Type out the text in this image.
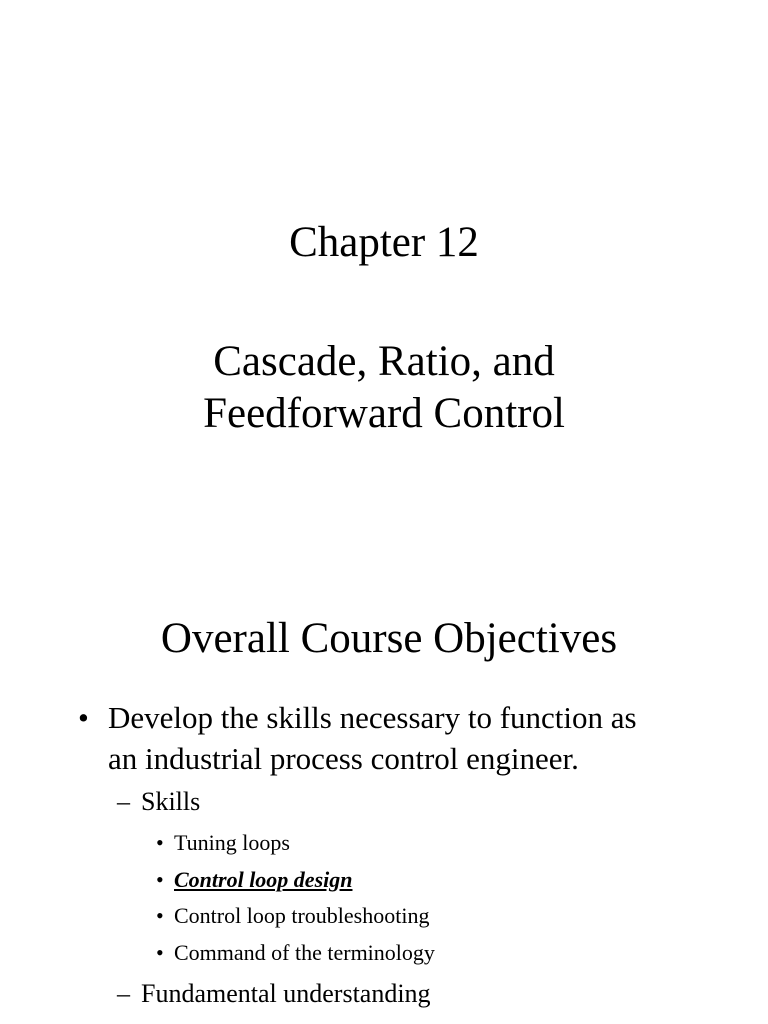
Chapter 12
Cascade, Ratio, and
Feedforward Control
Overall Course Objectives
• Develop the skills necessary to function as
an industrial process control engineer.
– Skills
• Tuning loops
• Control loop design
• Control loop troubleshooting
• Command of the terminology
– Fundamental understanding
